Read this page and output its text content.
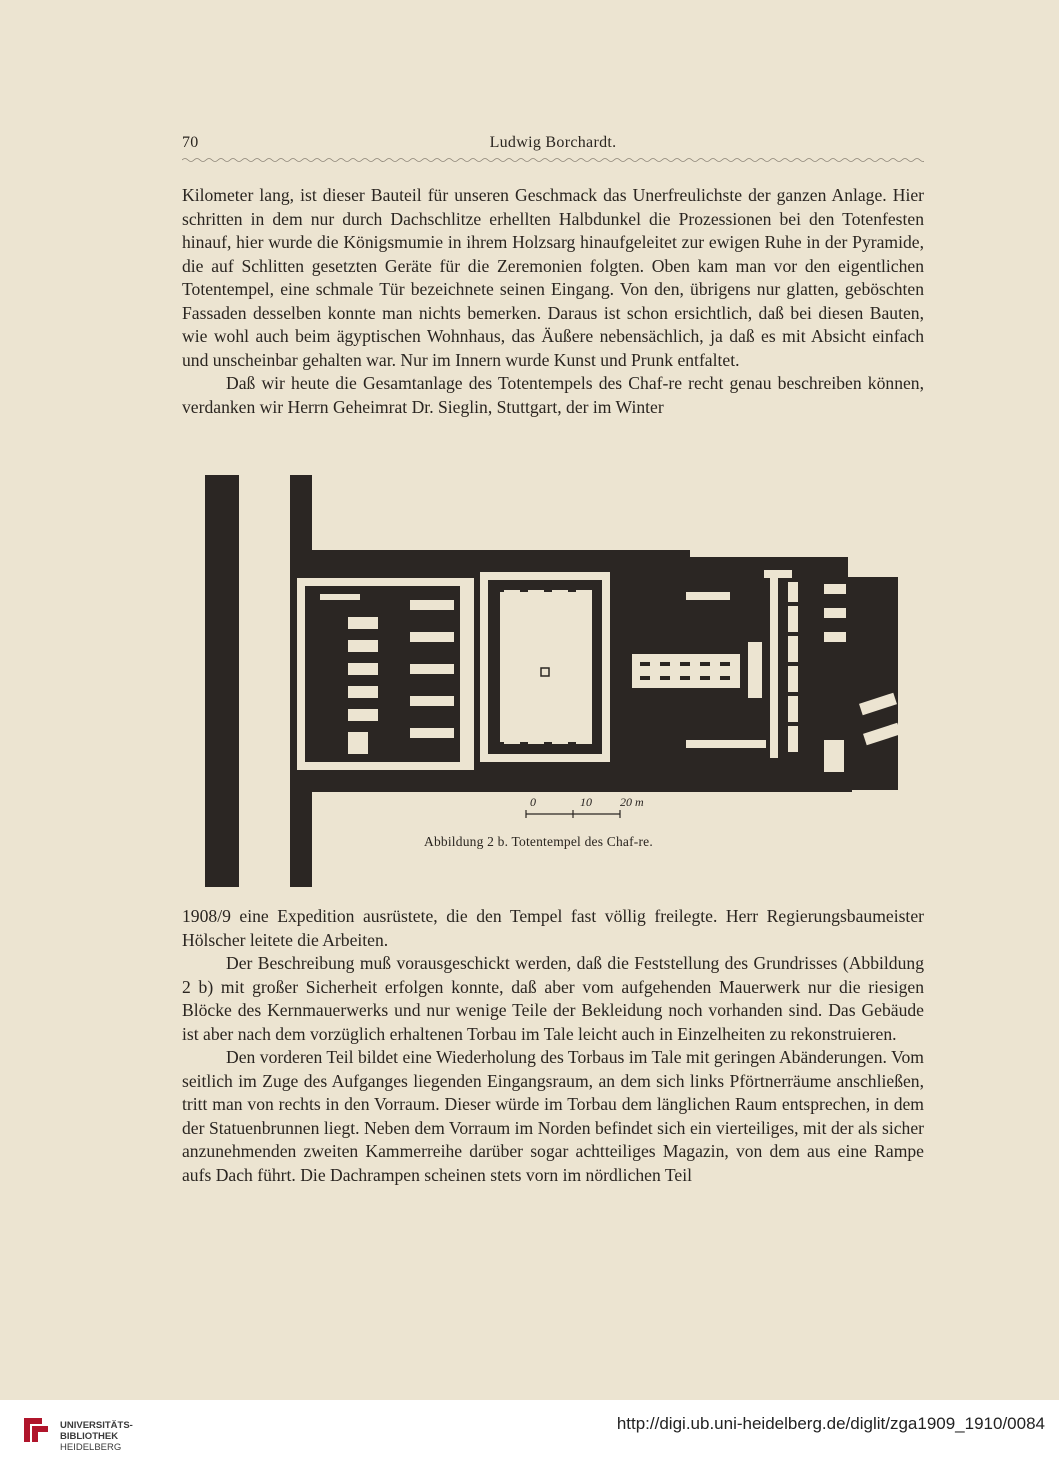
70	Ludwig Borchardt.

Kilometer lang, ist dieser Bauteil für unseren Geschmack das Unerfreulichste der ganzen Anlage. Hier schritten in dem nur durch Dachschlitze erhellten Halbdunkel die Prozessionen bei den Totenfesten hinauf, hier wurde die Königsmumie in ihrem Holzsarg hinaufgeleitet zur ewigen Ruhe in der Pyramide, die auf Schlitten gesetzten Geräte für die Zeremonien folgten. Oben kam man vor den eigentlichen Totentempel, eine schmale Tür bezeichnete seinen Eingang. Von den, übrigens nur glatten, geböschten Fassaden desselben konnte man nichts bemerken. Daraus ist schon ersichtlich, daß bei diesen Bauten, wie wohl auch beim ägyptischen Wohnhaus, das Äußere nebensächlich, ja daß es mit Absicht einfach und unscheinbar gehalten war. Nur im Innern wurde Kunst und Prunk entfaltet.

Daß wir heute die Gesamtanlage des Totentempels des Chaf-re recht genau beschreiben können, verdanken wir Herrn Geheimrat Dr. Sieglin, Stuttgart, der im Winter

0	10 20 m
Abbildung 2 b. Totentempel des Chaf-re.

1908/9 eine Expedition ausrüstete, die den Tempel fast völlig freilegte. Herr Regierungsbaumeister Hölscher leitete die Arbeiten.

Der Beschreibung muß vorausgeschickt werden, daß die Feststellung des Grundrisses (Abbildung 2 b) mit großer Sicherheit erfolgen konnte, daß aber vom aufgehenden Mauerwerk nur die riesigen Blöcke des Kernmauerwerks und nur wenige Teile der Bekleidung noch vorhanden sind. Das Gebäude ist aber nach dem vorzüglich erhaltenen Torbau im Tale leicht auch in Einzelheiten zu rekonstruieren.

Den vorderen Teil bildet eine Wiederholung des Torbaus im Tale mit geringen Abänderungen. Vom seitlich im Zuge des Aufganges liegenden Eingangsraum, an dem sich links Pförtnerräume anschließen, tritt man von rechts in den Vorraum. Dieser würde im Torbau dem länglichen Raum entsprechen, in dem der Statuenbrunnen liegt. Neben dem Vorraum im Norden befindet sich ein vierteiliges, mit der als sicher anzunehmenden zweiten Kammerreihe darüber sogar achtteiliges Magazin, von dem aus eine Rampe aufs Dach führt. Die Dachrampen scheinen stets vorn im nördlichen Teil

UNIVERSITÄTS-
BIBLIOTHEK
HEIDELBERG
http://digi.ub.uni-heidelberg.de/diglit/zga1909_1910/0084
